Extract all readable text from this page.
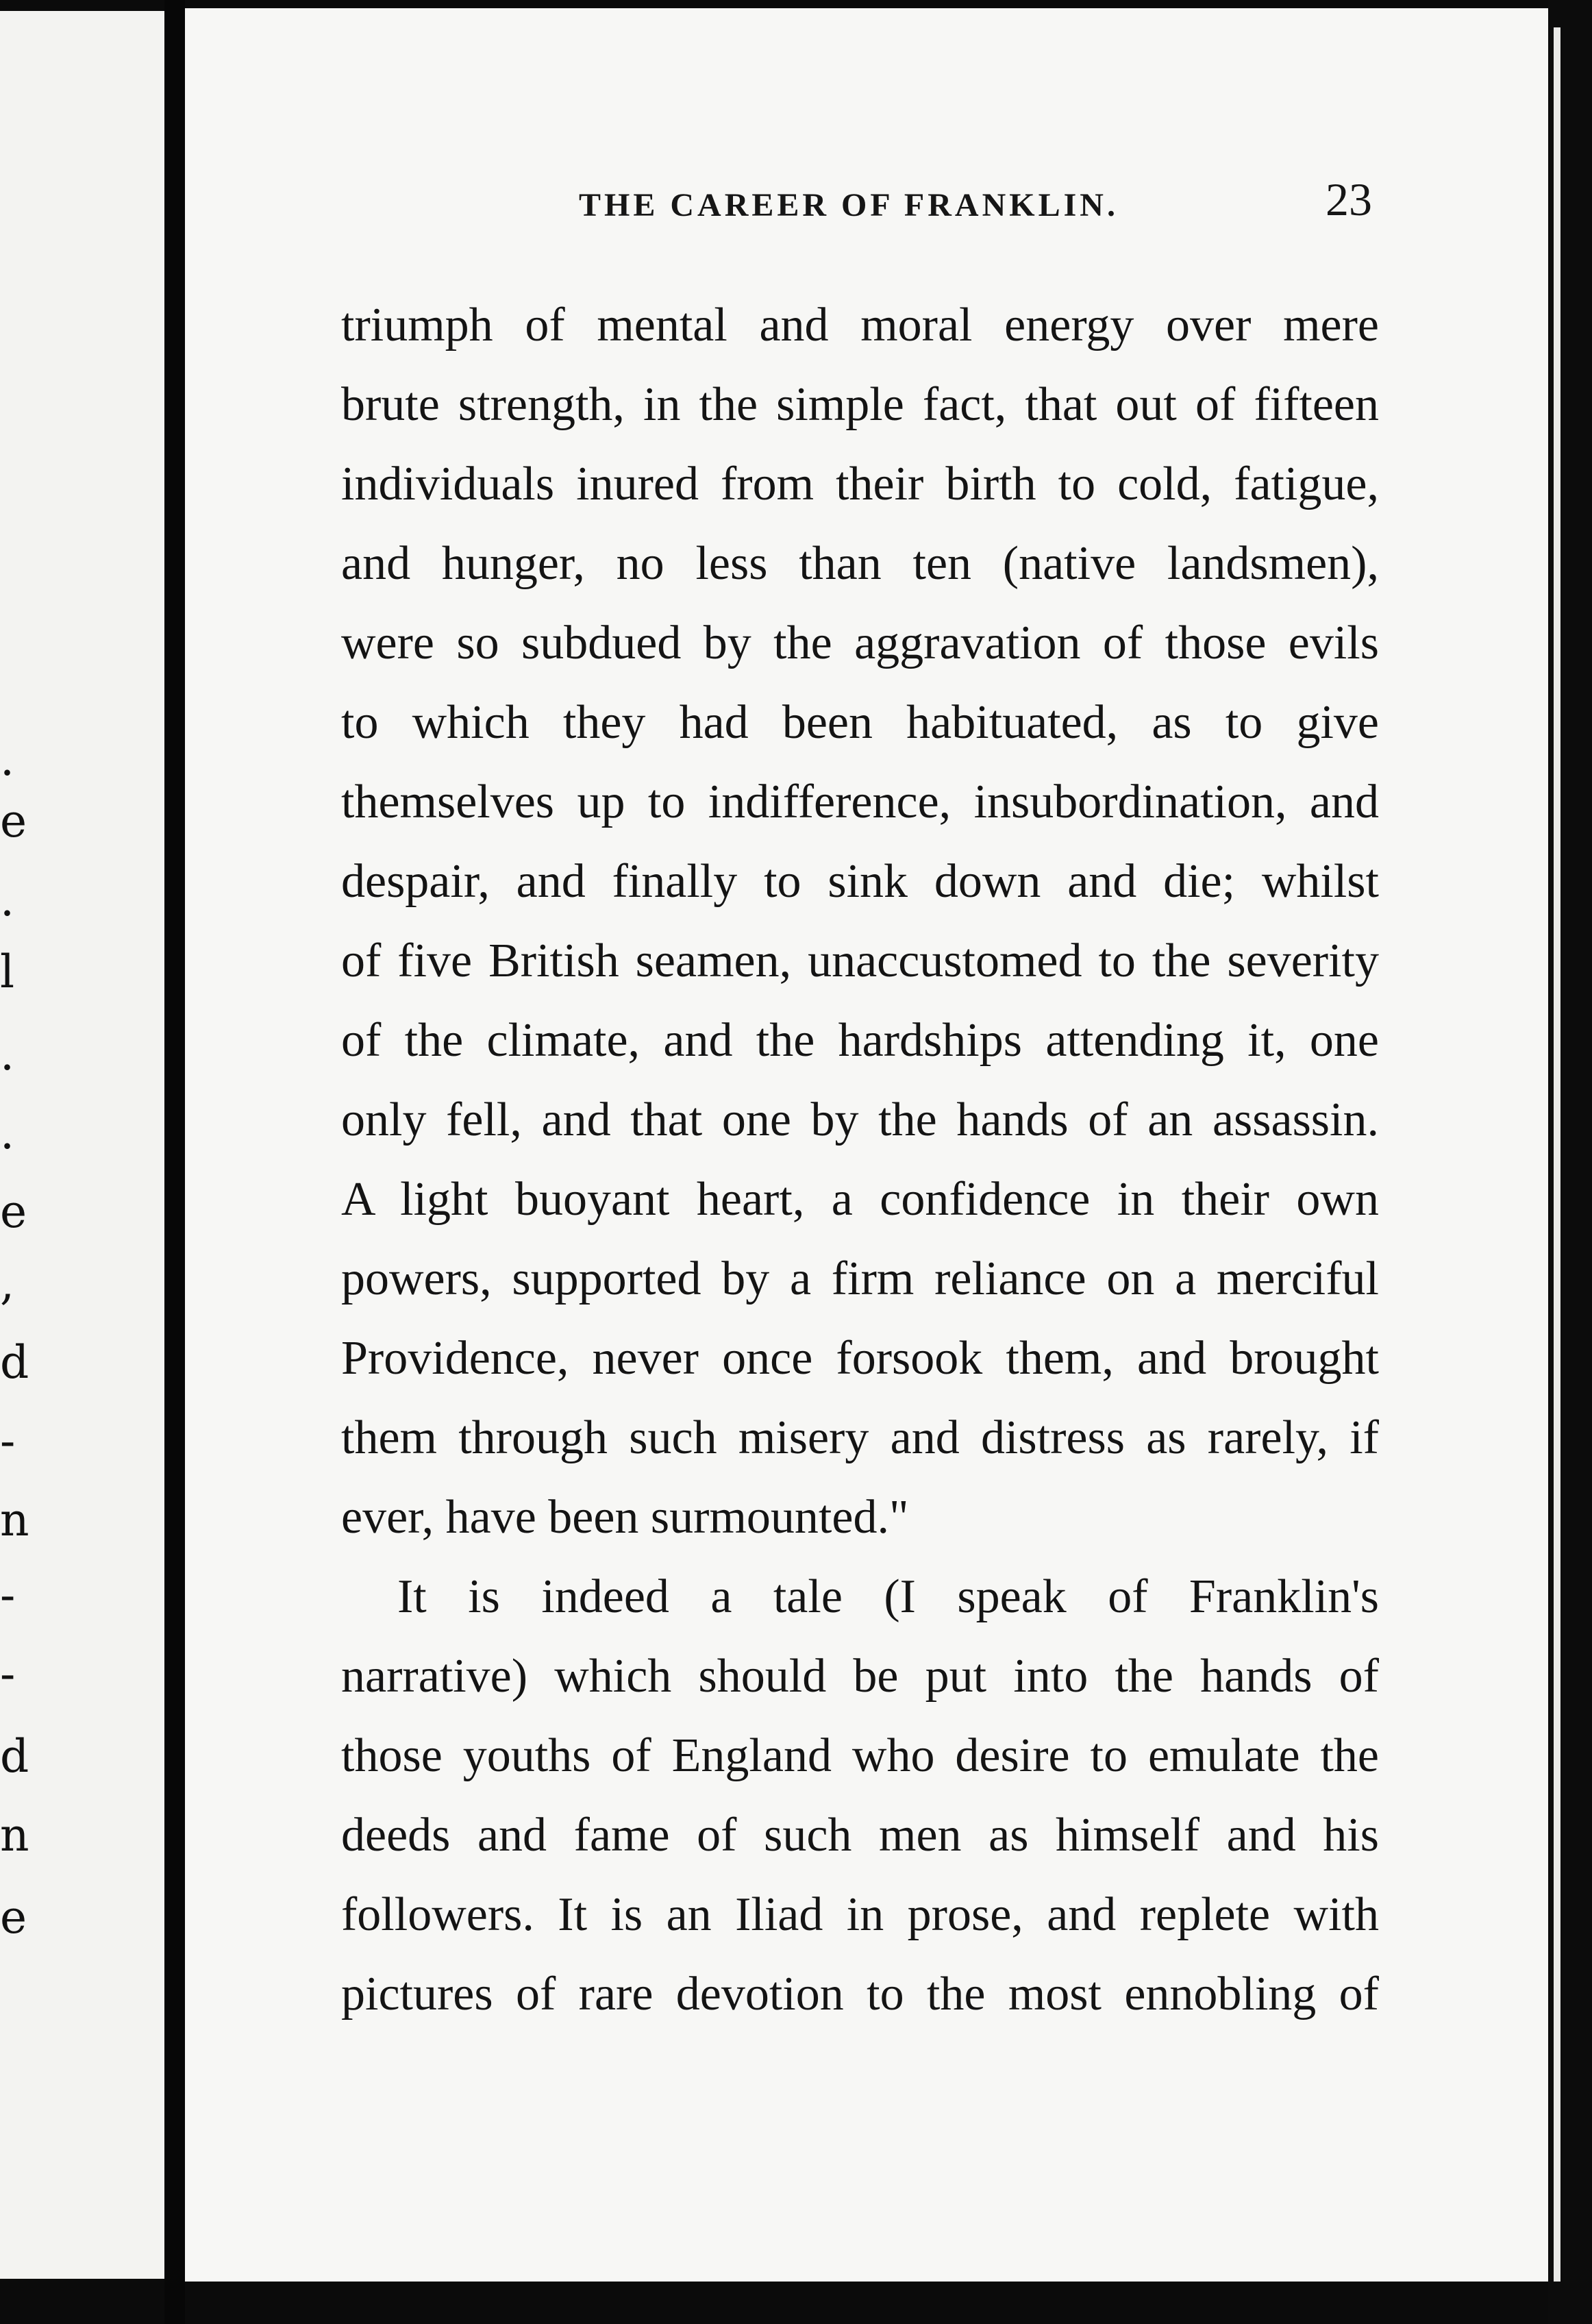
.
e
.
l
.
.
e
,
d
-
n
-
-
d
n
e
THE CAREER OF FRANKLIN.	23
triumph of mental and moral energy over mere
brute strength, in the simple fact, that out of fifteen
individuals inured from their birth to cold, fatigue,
and hunger, no less than ten (native landsmen),
were so subdued by the aggravation of those evils
to which they had been habituated, as to give
themselves up to indifference, insubordination, and
despair, and finally to sink down and die; whilst
of five British seamen, unaccustomed to the severity
of the climate, and the hardships attending it, one
only fell, and that one by the hands of an assassin.
A light buoyant heart, a confidence in their own
powers, supported by a firm reliance on a merciful
Providence, never once forsook them, and brought
them through such misery and distress as rarely, if
ever, have been surmounted."
It is indeed a tale (I speak of Franklin's
narrative) which should be put into the hands of
those youths of England who desire to emulate the
deeds and fame of such men as himself and his
followers. It is an Iliad in prose, and replete with
pictures of rare devotion to the most ennobling of
